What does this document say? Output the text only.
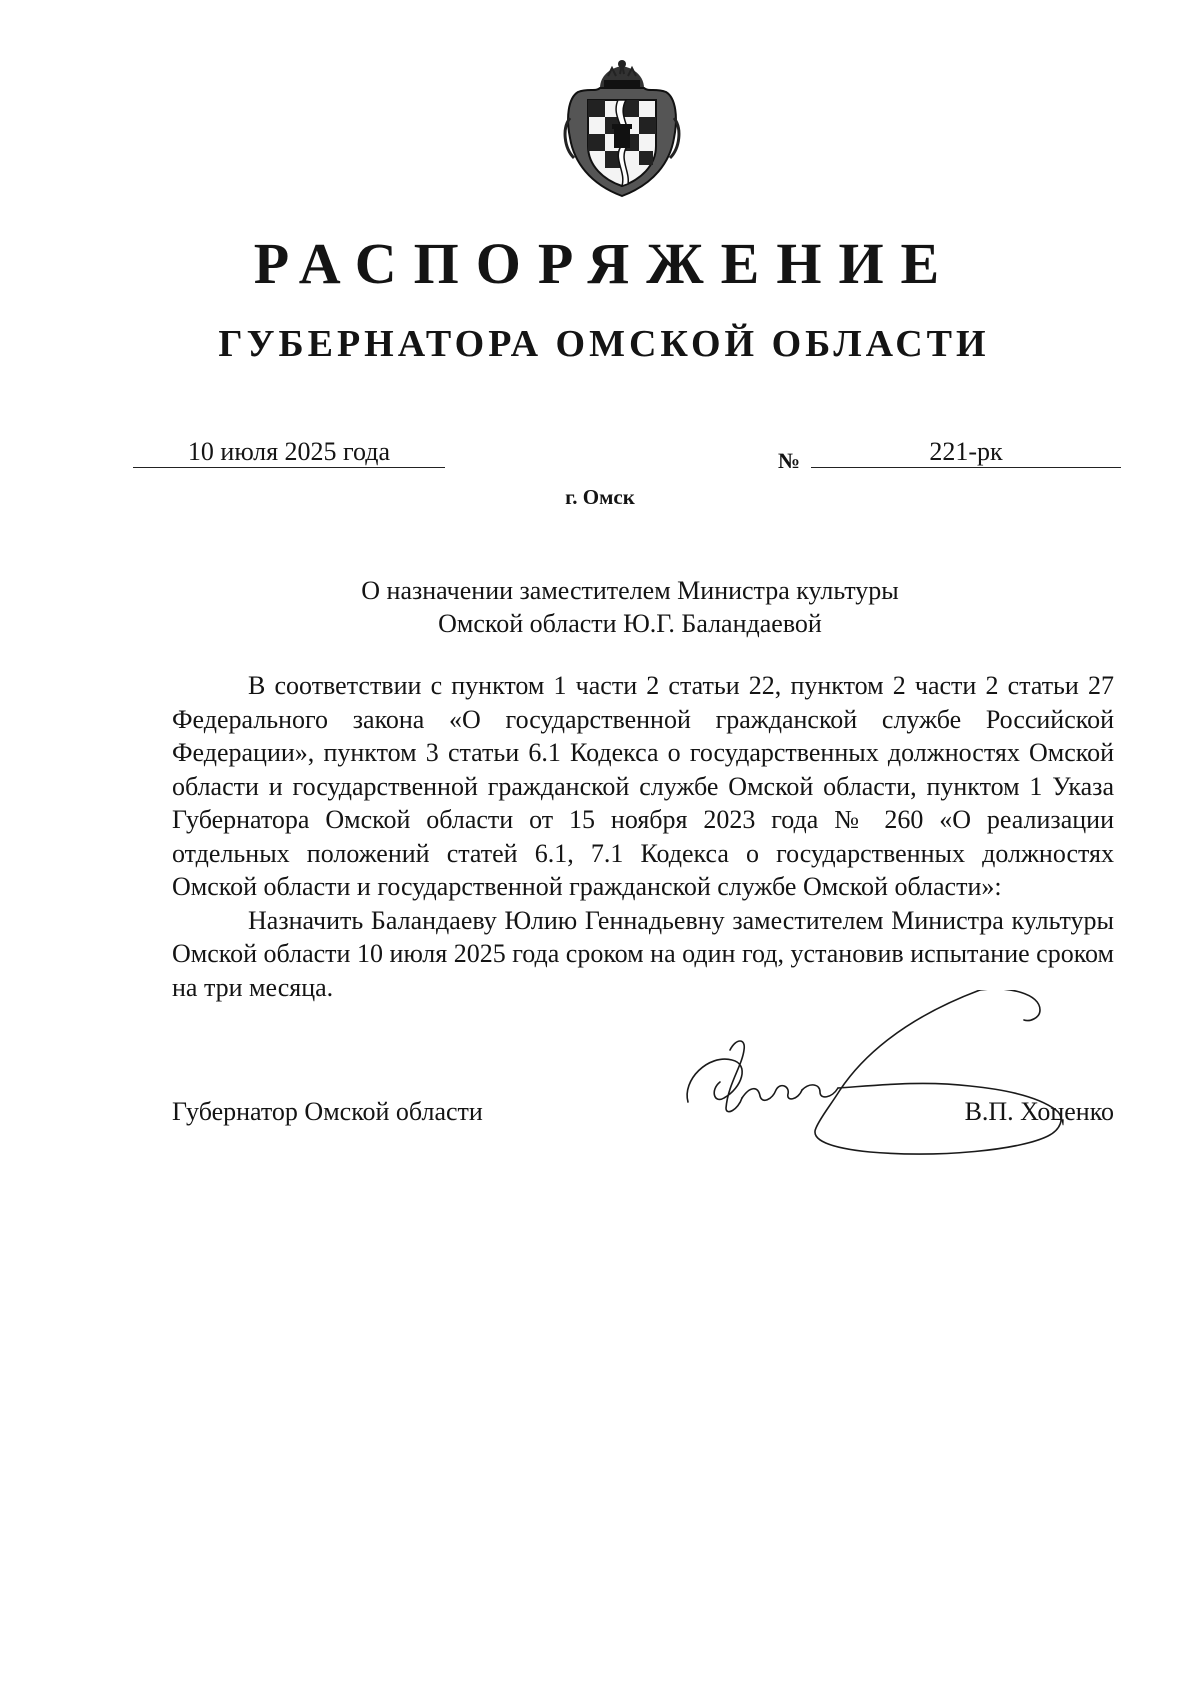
РАСПОРЯЖЕНИЕ
ГУБЕРНАТОРА ОМСКОЙ ОБЛАСТИ
10 июля 2025 года	№	221-рк
г. Омск
О назначении заместителем Министра культуры
Омской области Ю.Г. Баландаевой

В соответствии с пунктом 1 части 2 статьи 22, пунктом 2 части 2 статьи 27 Федерального закона «О государственной гражданской службе Российской Федерации», пунктом 3 статьи 6.1 Кодекса о государственных должностях Омской области и государственной гражданской службе Омской области, пунктом 1 Указа Губернатора Омской области от 15 ноября 2023 года № 260 «О реализации отдельных положений статей 6.1, 7.1 Кодекса о государственных должностях Омской области и государственной гражданской службе Омской области»:

Назначить Баландаеву Юлию Геннадьевну заместителем Министра культуры Омской области 10 июля 2025 года сроком на один год, установив испытание сроком на три месяца.

Губернатор Омской области	В.П. Хоценко
